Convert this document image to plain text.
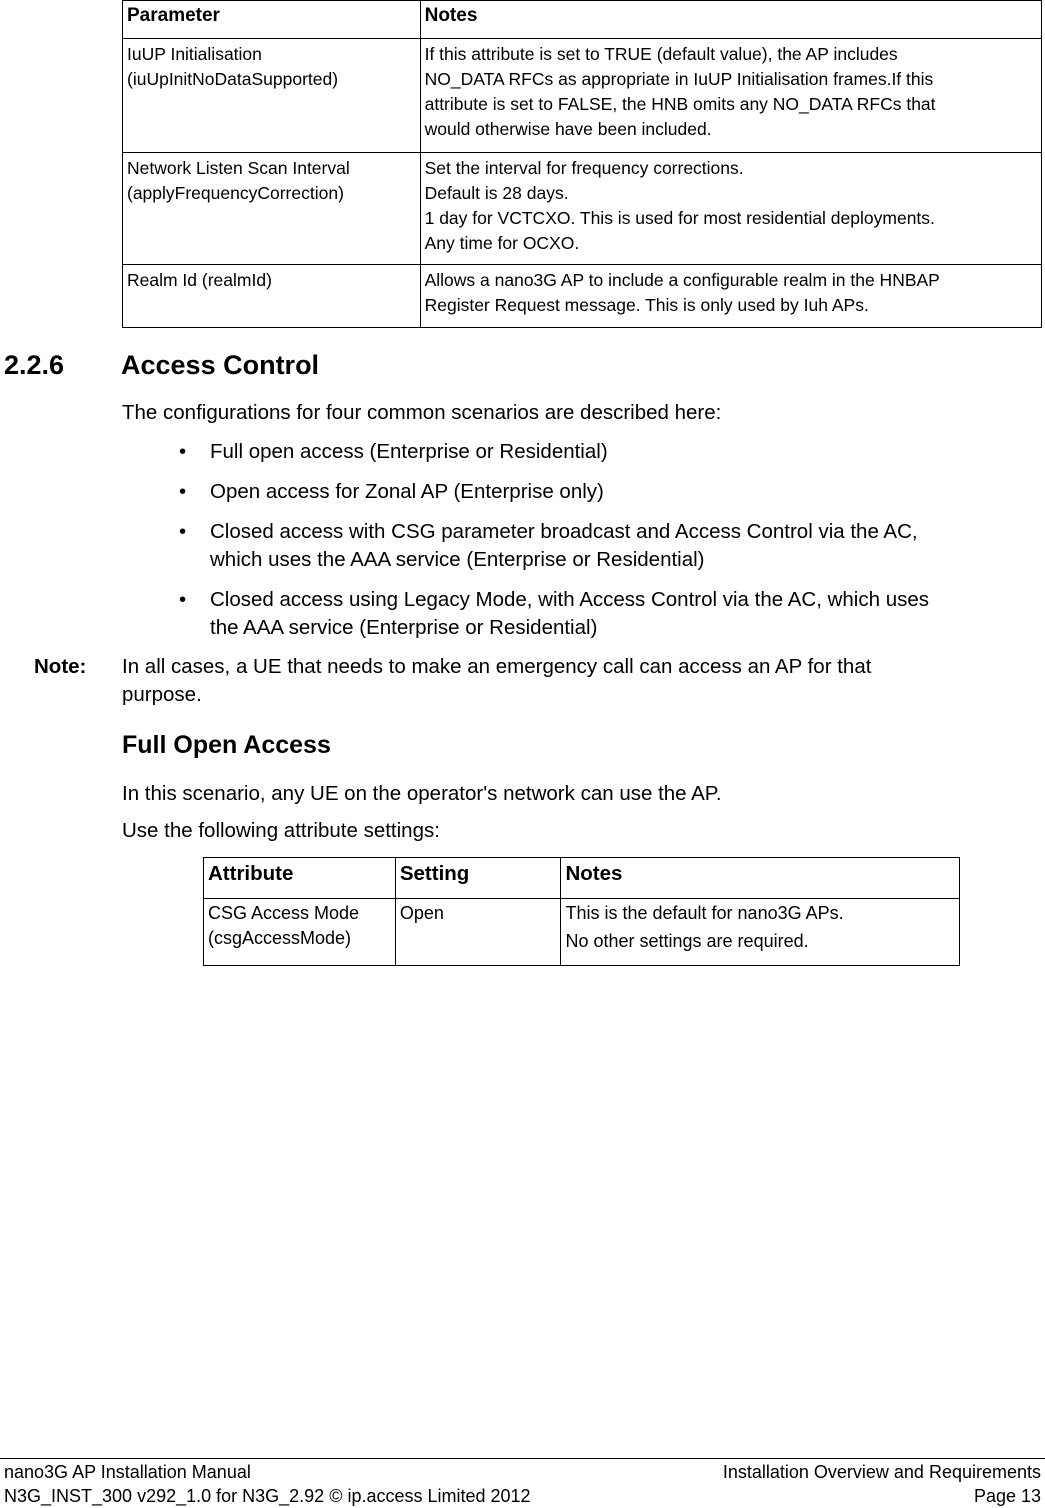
Parameter	Notes

IuUP Initialisation
(iuUpInitNoDataSupported)	If this attribute is set to TRUE (default value), the AP includes
NO_DATA RFCs as appropriate in IuUP Initialisation frames.If this
attribute is set to FALSE, the HNB omits any NO_DATA RFCs that
would otherwise have been included.

Network Listen Scan Interval
(applyFrequencyCorrection)	Set the interval for frequency corrections.
Default is 28 days.
1 day for VCTCXO. This is used for most residential deployments.
Any time for OCXO.

Realm Id (realmId)	Allows a nano3G AP to include a configurable realm in the HNBAP
Register Request message. This is only used by Iuh APs.
2.2.6 Access Control

The configurations for four common scenarios are described here:

• Full open access (Enterprise or Residential)
• Open access for Zonal AP (Enterprise only)
• Closed access with CSG parameter broadcast and Access Control via the AC,
which uses the AAA service (Enterprise or Residential)
• Closed access using Legacy Mode, with Access Control via the AC, which uses
the AAA service (Enterprise or Residential)
Note: In all cases, a UE that needs to make an emergency call can access an AP for that
purpose.
Full Open Access

In this scenario, any UE on the operator's network can use the AP.

Use the following attribute settings:

Attribute	Setting	Notes

CSG Access Mode
(csgAccessMode)	Open	This is the default for nano3G APs.
No other settings are required.
nano3G AP Installation Manual
N3G_INST_300 v292_1.0 for N3G_2.92 © ip.access Limited 2012
Installation Overview and Requirements
Page 13
